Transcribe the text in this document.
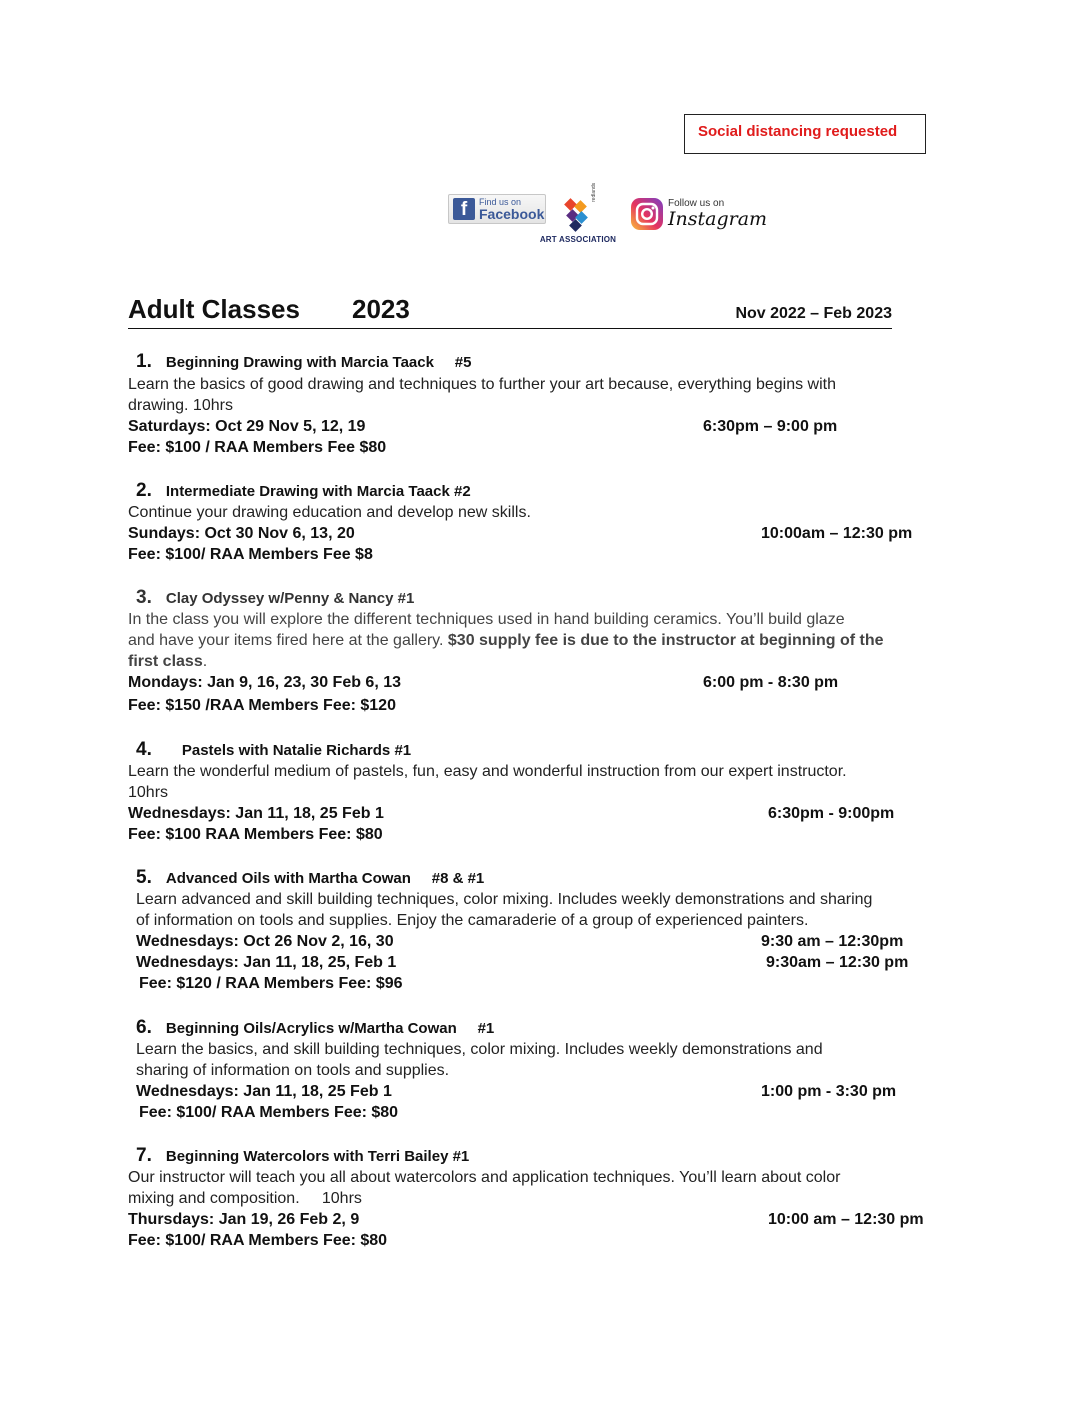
Social distancing requested
f	Find us on
Facebook
redlands
ART ASSOCIATION
Follow us on
Instagram
Adult Classes 2023	Nov 2022 – Feb 2023
1. Beginning Drawing with Marcia Taack     #5
Learn the basics of good drawing and techniques to further your art because, everything begins with
drawing. 10hrs
Saturdays: Oct 29 Nov 5, 12, 19	6:30pm – 9:00 pm
Fee: $100 / RAA Members Fee $80
2. Intermediate Drawing with Marcia Taack #2
Continue your drawing education and develop new skills.
Sundays: Oct 30 Nov 6, 13, 20	10:00am – 12:30 pm
Fee: $100/ RAA Members Fee $8
3. Clay Odyssey w/Penny & Nancy #1
In the class you will explore the different techniques used in hand building ceramics. You’ll build glaze
and have your items fired here at the gallery. $30 supply fee is due to the instructor at beginning of the
first class.
Mondays: Jan 9, 16, 23, 30 Feb 6, 13	6:00 pm - 8:30 pm
Fee: $150 /RAA Members Fee: $120
4. Pastels with Natalie Richards #1
Learn the wonderful medium of pastels, fun, easy and wonderful instruction from our expert instructor.
10hrs
Wednesdays: Jan 11, 18, 25 Feb 1	6:30pm - 9:00pm
Fee: $100 RAA Members Fee: $80
5. Advanced Oils with Martha Cowan     #8 & #1
Learn advanced and skill building techniques, color mixing. Includes weekly demonstrations and sharing
of information on tools and supplies. Enjoy the camaraderie of a group of experienced painters.
Wednesdays: Oct 26 Nov 2, 16, 30	9:30 am – 12:30pm
Wednesdays: Jan 11, 18, 25, Feb 1	9:30am – 12:30 pm
Fee: $120 / RAA Members Fee: $96
6. Beginning Oils/Acrylics w/Martha Cowan     #1
Learn the basics, and skill building techniques, color mixing. Includes weekly demonstrations and
sharing of information on tools and supplies.
Wednesdays: Jan 11, 18, 25 Feb 1	1:00 pm - 3:30 pm
Fee: $100/ RAA Members Fee: $80
7. Beginning Watercolors with Terri Bailey #1
Our instructor will teach you all about watercolors and application techniques. You’ll learn about color
mixing and composition.     10hrs
Thursdays: Jan 19, 26 Feb 2, 9	10:00 am – 12:30 pm
Fee: $100/ RAA Members Fee: $80
